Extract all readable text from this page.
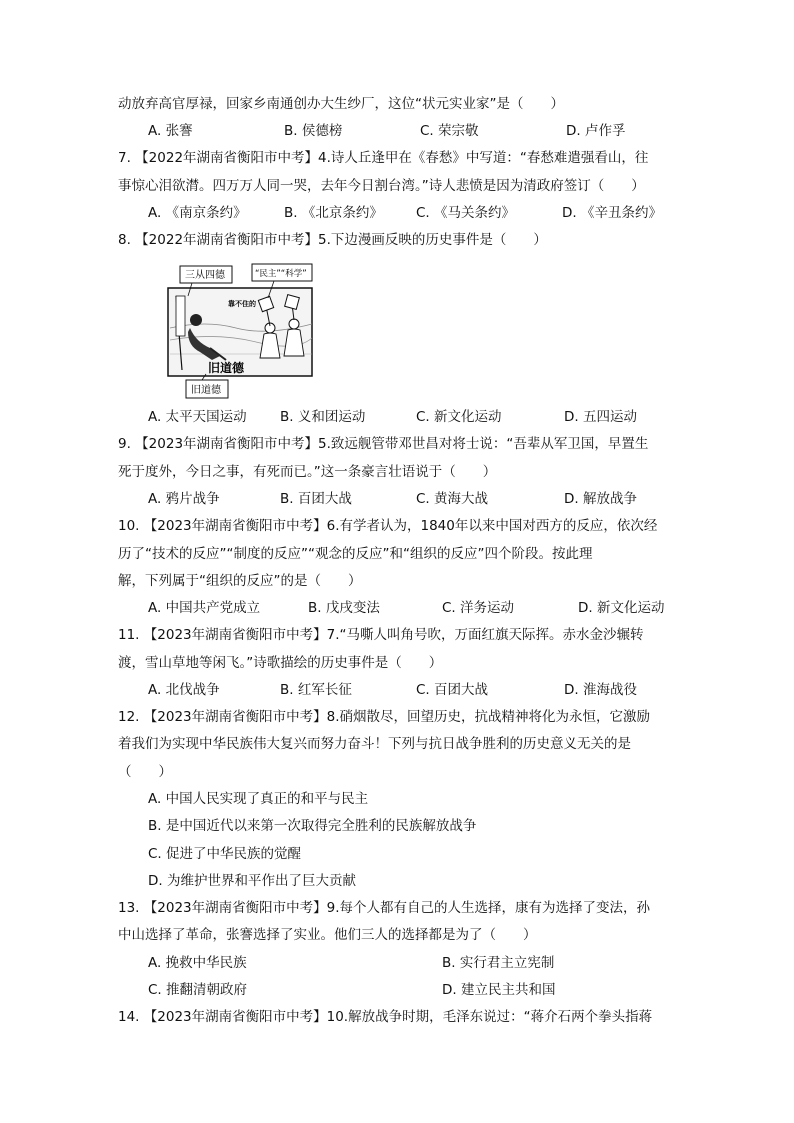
动放弃高官厚禄，回家乡南通创办大生纱厂，这位“状元实业家”是（　　）
A. 张謇	B. 侯德榜	C. 荣宗敬	D. 卢作孚
7. 【2022年湖南省衡阳市中考】4.诗人丘逢甲在《春愁》中写道：“春愁难遣强看山，往
事惊心泪欲潸。四万万人同一哭，去年今日割台湾。”诗人悲愤是因为清政府签订（　　）
A. 《南京条约》	B. 《北京条约》 C. 《马关条约》	D. 《辛丑条约》
8. 【2022年湖南省衡阳市中考】5.下边漫画反映的历史事件是（　　）
靠不住的
旧道德
三从四德	“民主”“科学”
旧道德
A. 太平天国运动 B. 义和团运动	C. 新文化运动	D. 五四运动
9. 【2023年湖南省衡阳市中考】5.致远舰管带邓世昌对将士说：“吾辈从军卫国，早置生
死于度外，今日之事，有死而已。”这一条豪言壮语说于（　　）
A. 鸦片战争	B. 百团大战	C. 黄海大战	D. 解放战争
10. 【2023年湖南省衡阳市中考】6.有学者认为，1840年以来中国对西方的反应，依次经
历了“技术的反应”“制度的反应”“观念的反应”和“组织的反应”四个阶段。按此理
解，下列属于“组织的反应”的是（　　）
A. 中国共产党成立	B. 戊戌变法	C. 洋务运动	D. 新文化运动
11. 【2023年湖南省衡阳市中考】7.“马嘶人叫角号吹，万面红旗天际挥。赤水金沙辗转
渡，雪山草地等闲飞。”诗歌描绘的历史事件是（　　）
A. 北伐战争	B. 红军长征	C. 百团大战	D. 淮海战役
12. 【2023年湖南省衡阳市中考】8.硝烟散尽，回望历史，抗战精神将化为永恒，它激励
着我们为实现中华民族伟大复兴而努力奋斗！下列与抗日战争胜利的历史意义无关的是
（　　）
A. 中国人民实现了真正的和平与民主
B. 是中国近代以来第一次取得完全胜利的民族解放战争
C. 促进了中华民族的觉醒
D. 为维护世界和平作出了巨大贡献
13. 【2023年湖南省衡阳市中考】9.每个人都有自己的人生选择，康有为选择了变法，孙
中山选择了革命，张謇选择了实业。他们三人的选择都是为了（　　）
A. 挽救中华民族	B. 实行君主立宪制
C. 推翻清朝政府	D. 建立民主共和国
14. 【2023年湖南省衡阳市中考】10.解放战争时期，毛泽东说过：“蒋介石两个拳头指蒋
